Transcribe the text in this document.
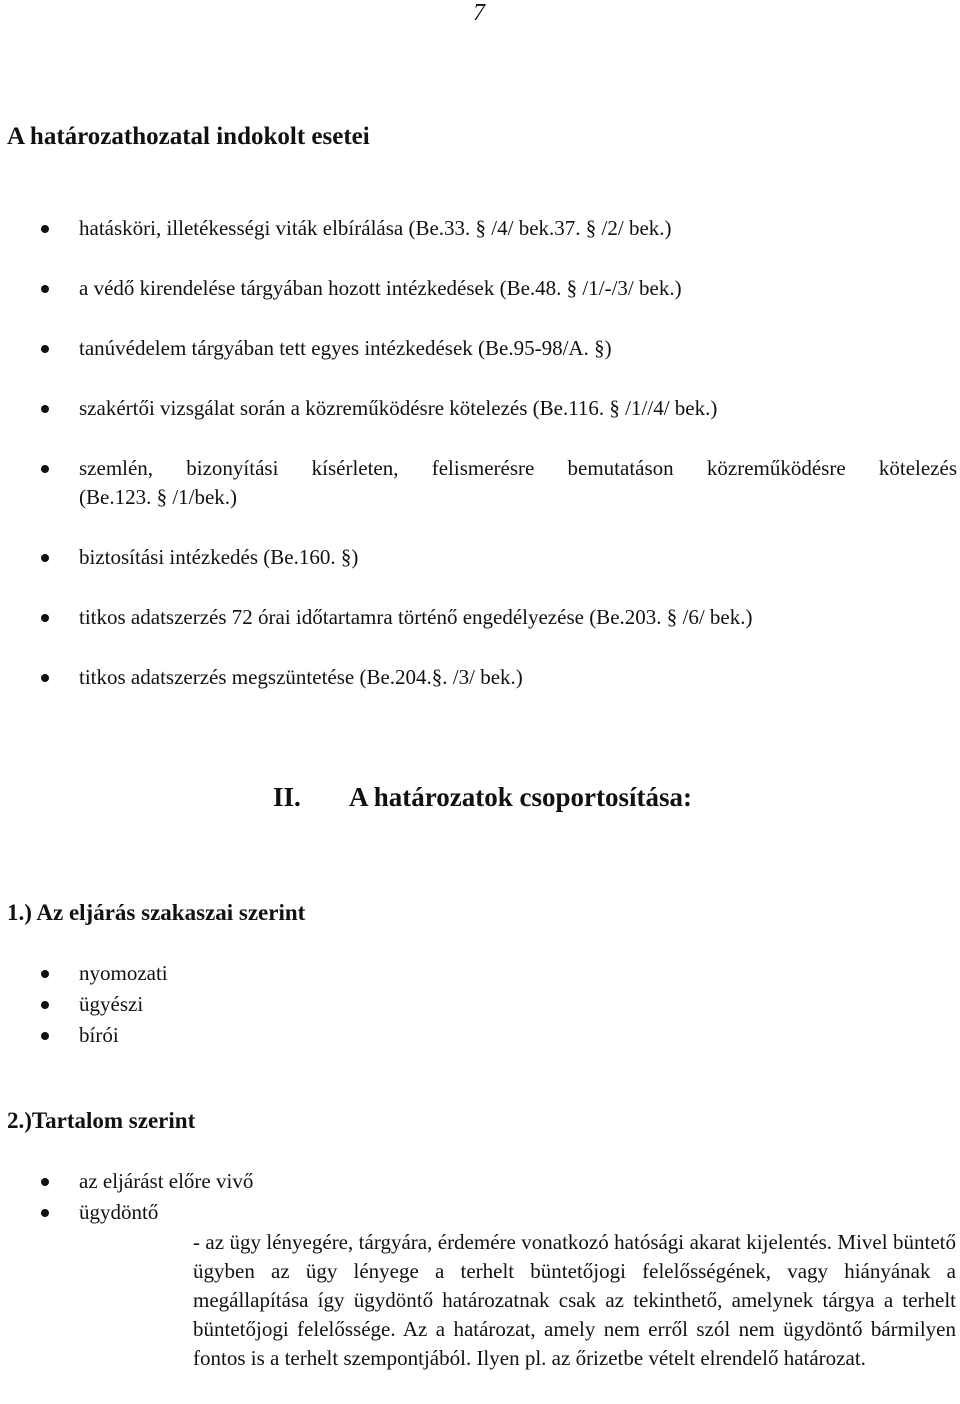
7
A határozathozatal indokolt esetei
hatásköri, illetékességi viták elbírálása (Be.33. § /4/ bek.37. § /2/ bek.)
a védő kirendelése tárgyában hozott intézkedések (Be.48. § /1/-/3/ bek.)
tanúvédelem tárgyában tett egyes intézkedések (Be.95-98/A. §)
szakértői vizsgálat során a közreműködésre kötelezés (Be.116. § /1//4/ bek.)
szemlén, bizonyítási kísérleten, felismerésre bemutatáson közreműködésre kötelezés
(Be.123. § /1/bek.)
biztosítási intézkedés (Be.160. §)
titkos adatszerzés 72 órai időtartamra történő engedélyezése (Be.203. § /6/ bek.)
titkos adatszerzés megszüntetése (Be.204.§. /3/ bek.)
II. A határozatok csoportosítása:
1.) Az eljárás szakaszai szerint
nyomozati
ügyészi
bírói
2.)Tartalom szerint
az eljárást előre vivő
ügydöntő
- az ügy lényegére, tárgyára, érdemére vonatkozó hatósági akarat kijelentés. Mivel büntető ügyben az ügy lényege a terhelt büntetőjogi felelősségének, vagy hiányának a megállapítása így ügydöntő határozatnak csak az tekinthető, amelynek tárgya a terhelt büntetőjogi felelőssége. Az a határozat, amely nem erről szól nem ügydöntő bármilyen fontos is a terhelt szempontjából. Ilyen pl. az őrizetbe vételt elrendelő határozat.
